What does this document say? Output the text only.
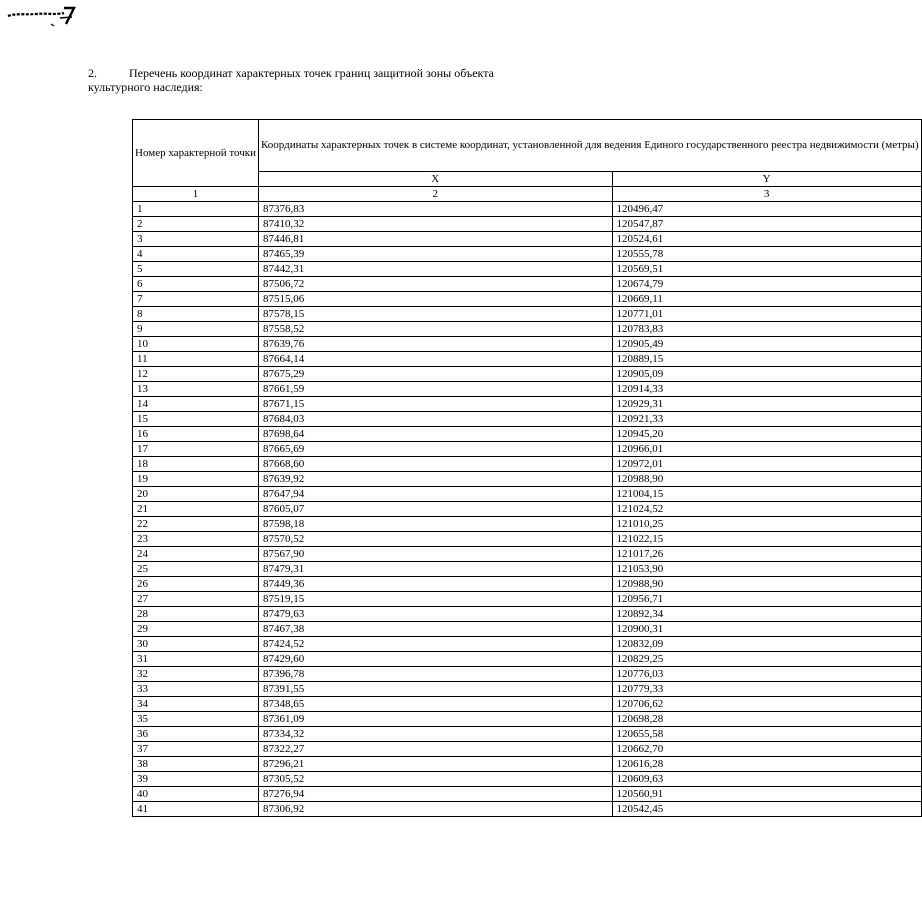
2.	Перечень координат характерных точек границ защитной зоны объекта культурного наследия:
Номер характерной точки	Координаты характерных точек в системе координат, установленной для ведения Единого государственного реестра недвижимости (метры)	
	X	Y
1	2	3
1	87376,83	120496,47
2	87410,32	120547,87
3	87446,81	120524,61
4	87465,39	120555,78
5	87442,31	120569,51
6	87506,72	120674,79
7	87515,06	120669,11
8	87578,15	120771,01
9	87558,52	120783,83
10	87639,76	120905,49
11	87664,14	120889,15
12	87675,29	120905,09
13	87661,59	120914,33
14	87671,15	120929,31
15	87684,03	120921,33
16	87698,64	120945,20
17	87665,69	120966,01
18	87668,60	120972,01
19	87639,92	120988,90
20	87647,94	121004,15
21	87605,07	121024,52
22	87598,18	121010,25
23	87570,52	121022,15
24	87567,90	121017,26
25	87479,31	121053,90
26	87449,36	120988,90
27	87519,15	120956,71
28	87479,63	120892,34
29	87467,38	120900,31
30	87424,52	120832,09
31	87429,60	120829,25
32	87396,78	120776,03
33	87391,55	120779,33
34	87348,65	120706,62
35	87361,09	120698,28
36	87334,32	120655,58
37	87322,27	120662,70
38	87296,21	120616,28
39	87305,52	120609,63
40	87276,94	120560,91
41	87306,92	120542,45
